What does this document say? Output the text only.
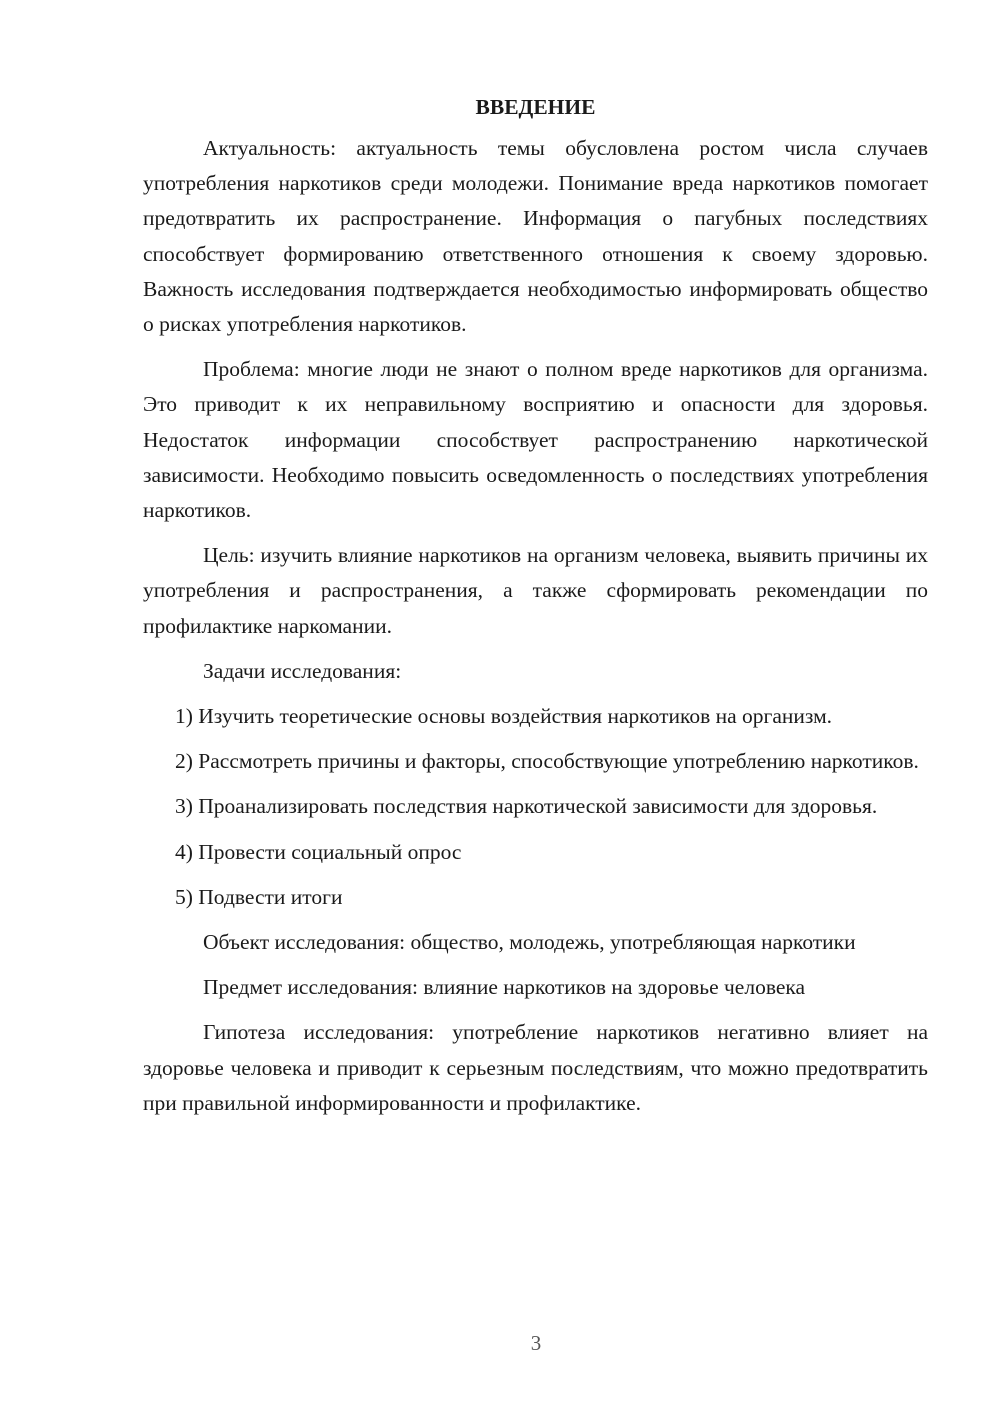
ВВЕДЕНИЕ

Актуальность: актуальность темы обусловлена ростом числа случаев употребления наркотиков среди молодежи. Понимание вреда наркотиков помогает предотвратить их распространение. Информация о пагубных последствиях способствует формированию ответственного отношения к своему здоровью. Важность исследования подтверждается необходимостью информировать общество о рисках употребления наркотиков.

Проблема: многие люди не знают о полном вреде наркотиков для организма. Это приводит к их неправильному восприятию и опасности для здоровья. Недостаток информации способствует распространению наркотической зависимости. Необходимо повысить осведомленность о последствиях употребления наркотиков.

Цель: изучить влияние наркотиков на организм человека, выявить причины их употребления и распространения, а также сформировать рекомендации по профилактике наркомании.

Задачи исследования:

1) Изучить теоретические основы воздействия наркотиков на организм.

2) Рассмотреть причины и факторы, способствующие употреблению наркотиков.

3) Проанализировать последствия наркотической зависимости для здоровья.

4) Провести социальный опрос

5) Подвести итоги

Объект исследования: общество, молодежь, употребляющая наркотики

Предмет исследования: влияние наркотиков на здоровье человека

Гипотеза исследования: употребление наркотиков негативно влияет на здоровье человека и приводит к серьезным последствиям, что можно предотвратить при правильной информированности и профилактике.

3
